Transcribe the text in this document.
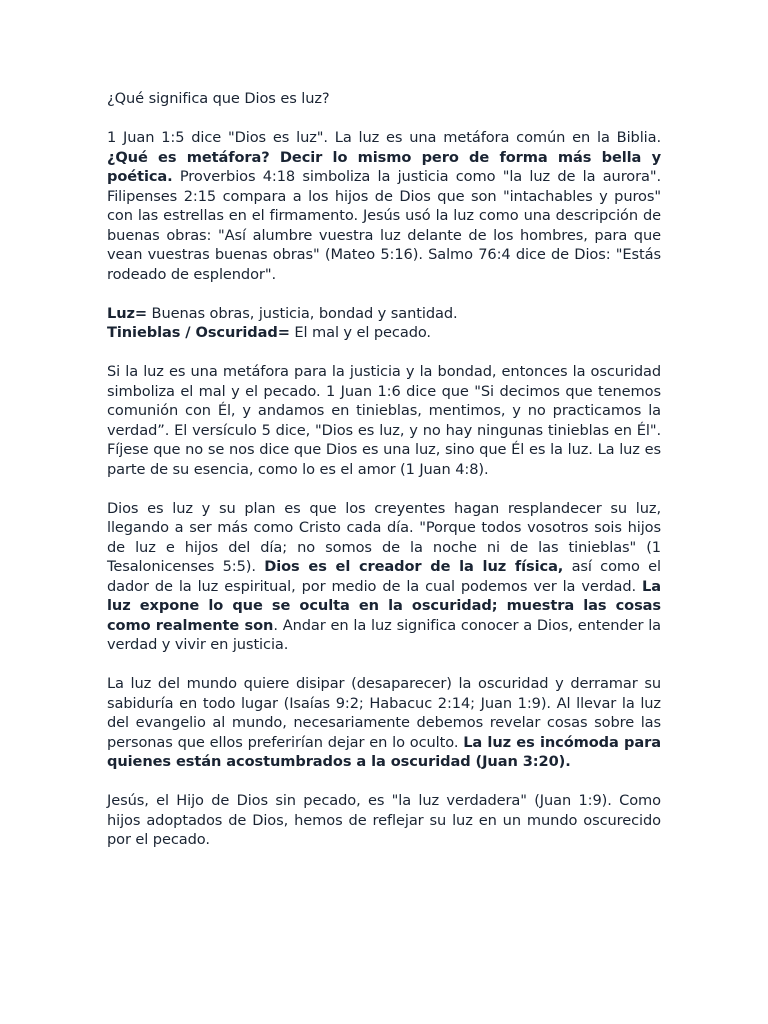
¿Qué significa que Dios es luz?

1 Juan 1:5 dice "Dios es luz". La luz es una metáfora común en la Biblia. ¿Qué es metáfora? Decir lo mismo pero de forma más bella y poética. Proverbios 4:18 simboliza la justicia como "la luz de la aurora". Filipenses 2:15 compara a los hijos de Dios que son "intachables y puros" con las estrellas en el firmamento. Jesús usó la luz como una descripción de buenas obras: "Así alumbre vuestra luz delante de los hombres, para que vean vuestras buenas obras" (Mateo 5:16). Salmo 76:4 dice de Dios: "Estás rodeado de esplendor".

Luz= Buenas obras, justicia, bondad y santidad.
Tinieblas / Oscuridad= El mal y el pecado.

Si la luz es una metáfora para la justicia y la bondad, entonces la oscuridad simboliza el mal y el pecado. 1 Juan 1:6 dice que "Si decimos que tenemos comunión con Él, y andamos en tinieblas, mentimos, y no practicamos la verdad”. El versículo 5 dice, "Dios es luz, y no hay ningunas tinieblas en Él". Fíjese que no se nos dice que Dios es una luz, sino que Él es la luz. La luz es parte de su esencia, como lo es el amor (1 Juan 4:8).

Dios es luz y su plan es que los creyentes hagan resplandecer su luz, llegando a ser más como Cristo cada día. "Porque todos vosotros sois hijos de luz e hijos del día; no somos de la noche ni de las tinieblas" (1 Tesalonicenses 5:5). Dios es el creador de la luz física, así como el dador de la luz espiritual, por medio de la cual podemos ver la verdad. La luz expone lo que se oculta en la oscuridad; muestra las cosas como realmente son. Andar en la luz significa conocer a Dios, entender la verdad y vivir en justicia.

La luz del mundo quiere disipar (desaparecer) la oscuridad y derramar su sabiduría en todo lugar (Isaías 9:2; Habacuc 2:14; Juan 1:9). Al llevar la luz del evangelio al mundo, necesariamente debemos revelar cosas sobre las personas que ellos preferirían dejar en lo oculto. La luz es incómoda para quienes están acostumbrados a la oscuridad (Juan 3:20).

Jesús, el Hijo de Dios sin pecado, es "la luz verdadera" (Juan 1:9). Como hijos adoptados de Dios, hemos de reflejar su luz en un mundo oscurecido por el pecado.
